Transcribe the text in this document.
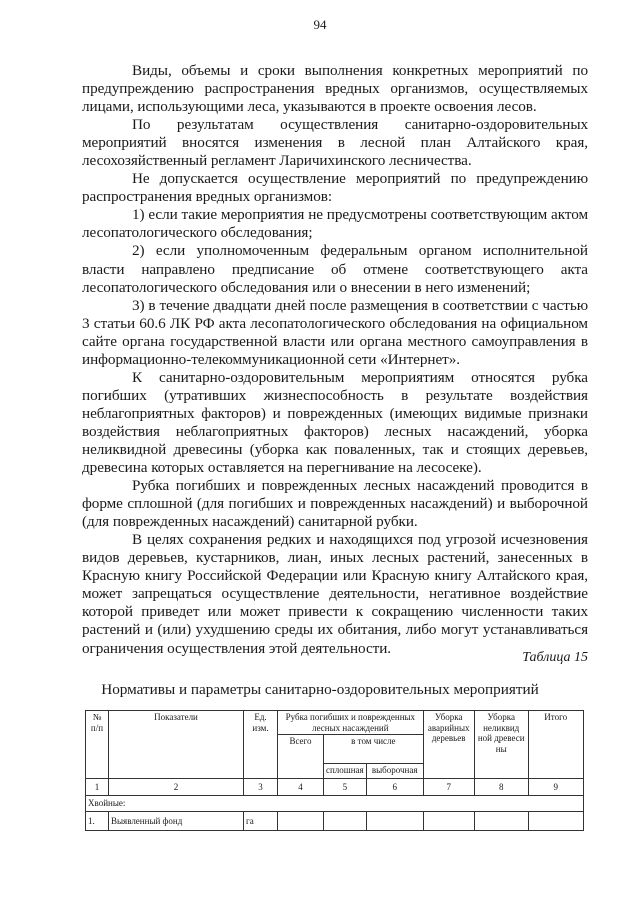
94

Виды, объемы и сроки выполнения конкретных мероприятий по предупреждению распространения вредных организмов, осуществляемых лицами, использующими леса, указываются в проекте освоения лесов.

По результатам осуществления санитарно-оздоровительных мероприятий вносятся изменения в лесной план Алтайского края, лесохозяйственный регламент Ларичихинского лесничества.

Не допускается осуществление мероприятий по предупреждению распространения вредных организмов:

1) если такие мероприятия не предусмотрены соответствующим актом лесопатологического обследования;

2) если уполномоченным федеральным органом исполнительной власти направлено предписание об отмене соответствующего акта лесопатологического обследования или о внесении в него изменений;

3) в течение двадцати дней после размещения в соответствии с частью 3 статьи 60.6 ЛК РФ акта лесопатологического обследования на официальном сайте органа государственной власти или органа местного самоуправления в информационно-телекоммуникационной сети «Интернет».

К санитарно-оздоровительным мероприятиям относятся рубка погибших (утративших жизнеспособность в результате воздействия неблагоприятных факторов) и поврежденных (имеющих видимые признаки воздействия неблагоприятных факторов) лесных насаждений, уборка неликвидной древесины (уборка как поваленных, так и стоящих деревьев, древесина которых оставляется на перегнивание на лесосеке).

Рубка погибших и поврежденных лесных насаждений проводится в форме сплошной (для погибших и поврежденных насаждений) и выборочной (для поврежденных насаждений) санитарной рубки.

В целях сохранения редких и находящихся под угрозой исчезновения видов деревьев, кустарников, лиан, иных лесных растений, занесенных в Красную книгу Российской Федерации или Красную книгу Алтайского края, может запрещаться осуществление деятельности, негативное воздействие которой приведет или может привести к сокращению численности таких растений и (или) ухудшению среды их обитания, либо могут устанавливаться ограничения осуществления этой деятельности.

Таблица 15
Нормативы и параметры санитарно-оздоровительных мероприятий
№ п/п	Показатели	Ед. изм.	Рубка погибших и поврежденных лесных насаждений			Уборка аварийных деревьев	Уборка неликвид ной древеси ны	Итого
			Всего	в том числе				
				сплошная	выборочная			
1	2	3	4	5	6	7	8	9
Хвойные:								
1.	Выявленный фонд	га						
